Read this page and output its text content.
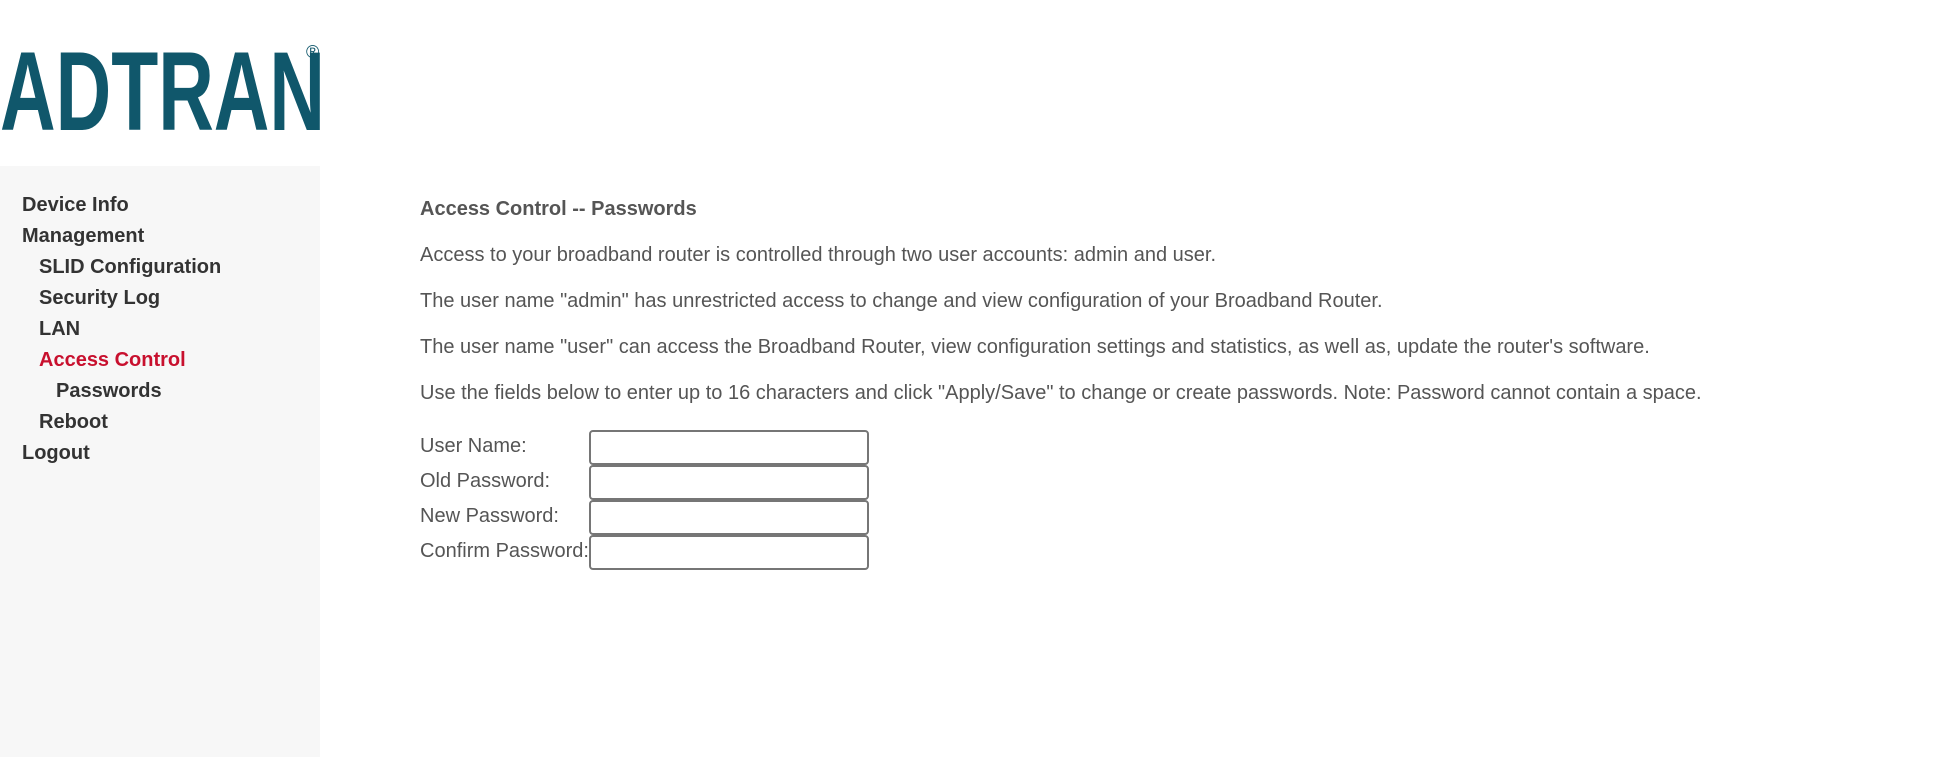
ADTRAN
®
Device Info
Management
SLID Configuration
Security Log
LAN
Access Control
Passwords
Reboot
Logout
Access Control -- Passwords
Access to your broadband router is controlled through two user accounts: admin and user.
The user name "admin" has unrestricted access to change and view configuration of your Broadband Router.
The user name "user" can access the Broadband Router, view configuration settings and statistics, as well as, update the router's software.
Use the fields below to enter up to 16 characters and click "Apply/Save" to change or create passwords. Note: Password cannot contain a space.
User Name:
Old Password:
New Password:
Confirm Password:
